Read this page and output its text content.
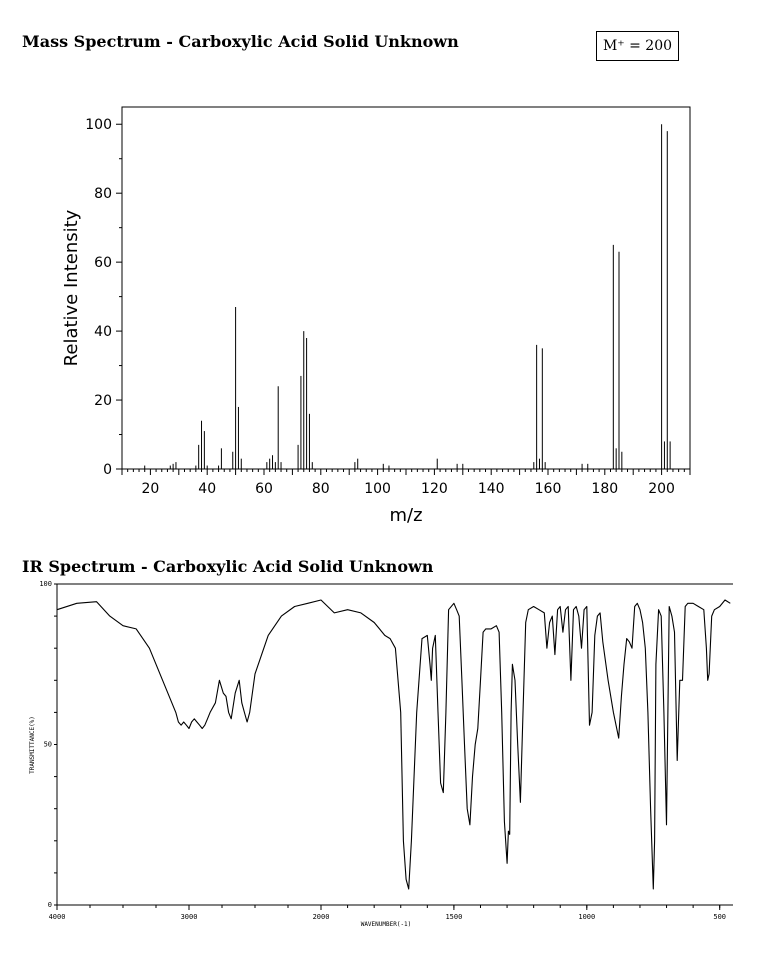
Mass Spectrum - Carboxylic Acid Solid Unknown	M⁺ = 200
IR Spectrum - Carboxylic Acid Solid Unknown
20	40	60	80 100 120 140 160 180 200
0
20
40
60
80
100
m/z
Relative Intensity
4000	3000	2000	1500	1000	500
0
50
100
WAVENUMBER(-1)
TRANSMITTANCE(%)
